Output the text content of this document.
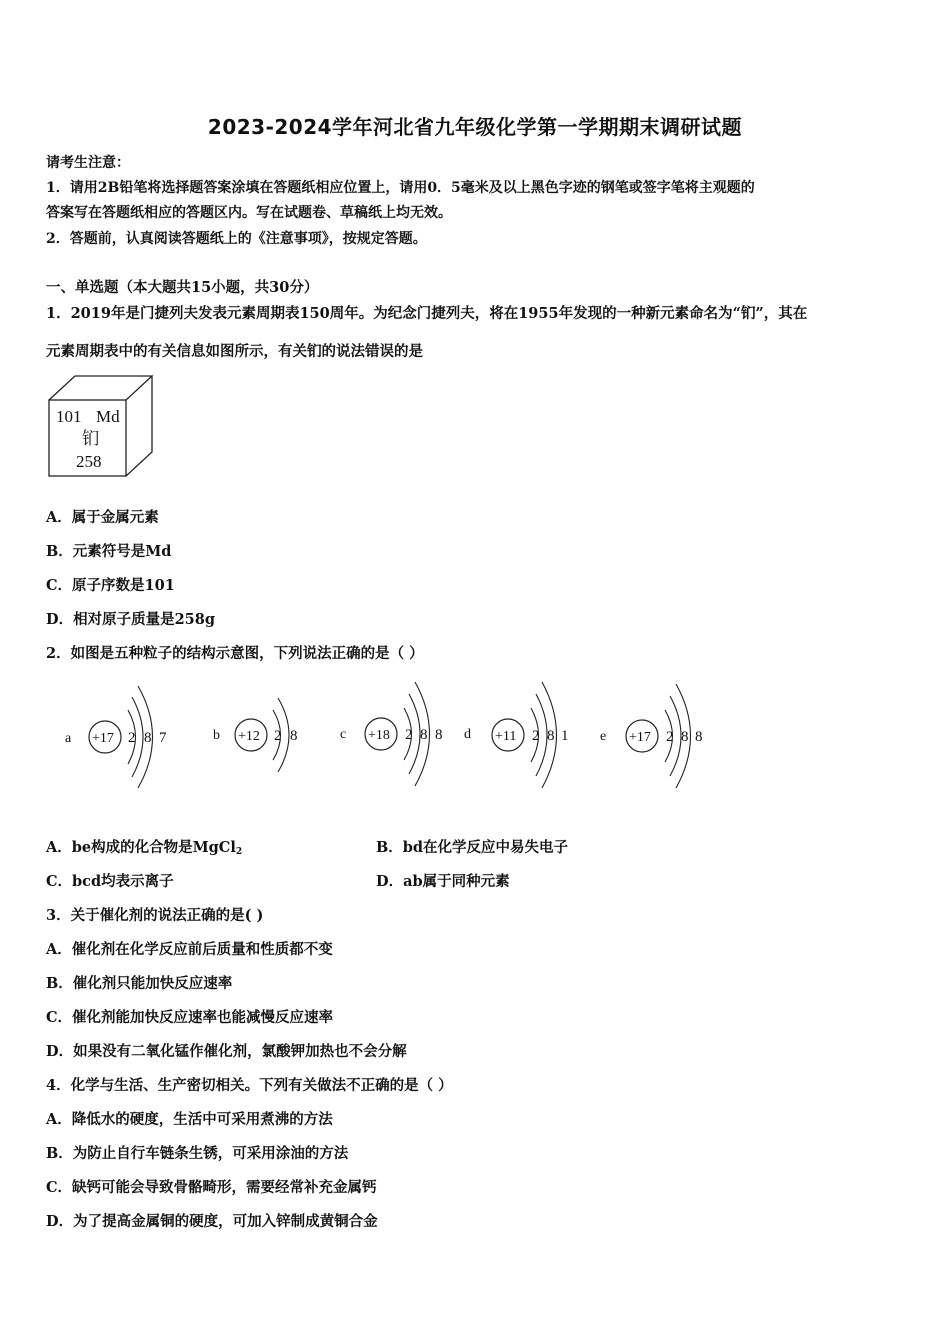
2023-2024学年河北省九年级化学第一学期期末调研试题
请考生注意：
1．请用2B铅笔将选择题答案涂填在答题纸相应位置上，请用0．5毫米及以上黑色字迹的钢笔或签字笔将主观题的
答案写在答题纸相应的答题区内。写在试题卷、草稿纸上均无效。
2．答题前，认真阅读答题纸上的《注意事项》，按规定答题。
一、单选题（本大题共15小题，共30分）
1．2019年是门捷列夫发表元素周期表150周年。为纪念门捷列夫，将在1955年发现的一种新元素命名为“钔”，其在
元素周期表中的有关信息如图所示，有关钔的说法错误的是
101 Md
钔
258
A．属于金属元素
B．元素符号是Md
C．原子序数是101
D．相对原子质量是258g
2．如图是五种粒子的结构示意图，下列说法正确的是（ ）
a +17 2 8 7	b +12 2 8	c +18 2 8 8 d +11 2 8 1 e +17 2 8 8
A．be构成的化合物是MgCl$_2$	B．bd在化学反应中易失电子
C．bcd均表示离子	D．ab属于同种元素
3．关于催化剂的说法正确的是( )
A．催化剂在化学反应前后质量和性质都不变
B．催化剂只能加快反应速率
C．催化剂能加快反应速率也能减慢反应速率
D．如果没有二氧化锰作催化剂，氯酸钾加热也不会分解
4．化学与生活、生产密切相关。下列有关做法不正确的是（ ）
A．降低水的硬度，生活中可采用煮沸的方法
B．为防止自行车链条生锈，可采用涂油的方法
C．缺钙可能会导致骨骼畸形，需要经常补充金属钙
D．为了提高金属铜的硬度，可加入锌制成黄铜合金
